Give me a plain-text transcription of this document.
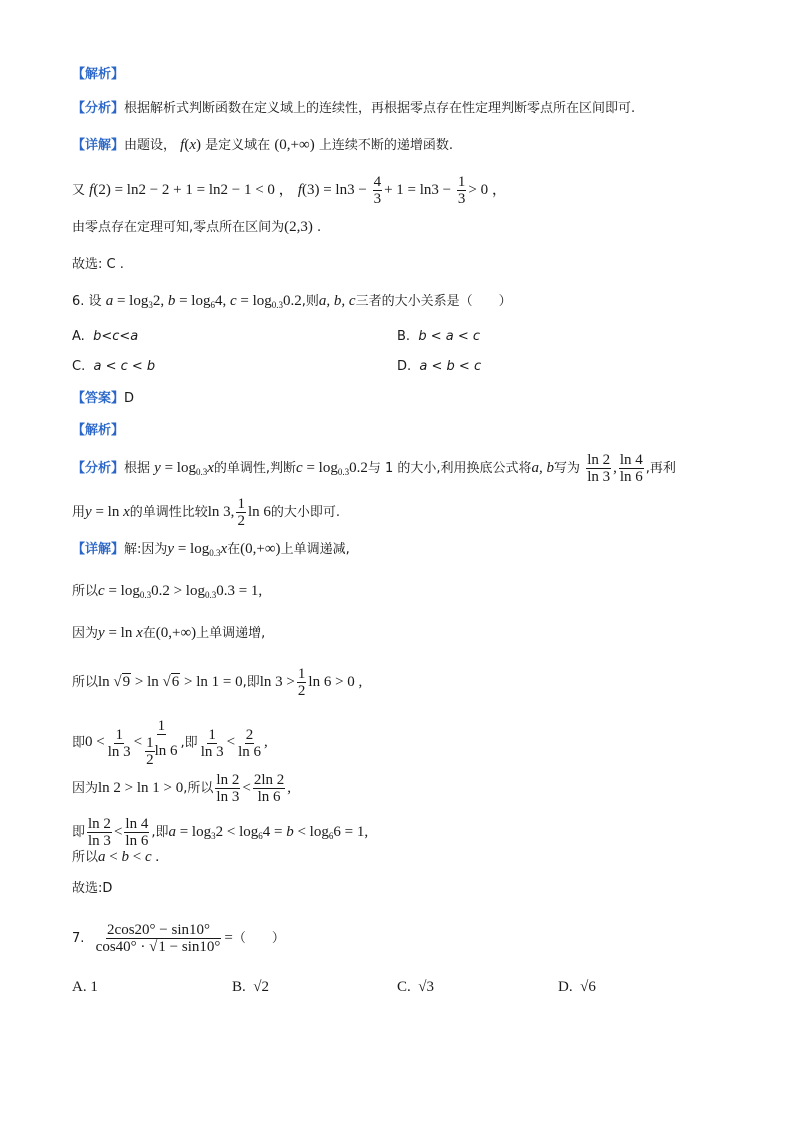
【解析】
【分析】根据解析式判断函数在定义域上的连续性，再根据零点存在性定理判断零点所在区间即可.
【详解】由题设， f(x) 是定义域在 (0,+∞) 上连续不断的递增函数.
又 f(2) = ln2 − 2 + 1 = ln2 − 1 < 0 ， $f(3) = \ln 3 - \frac{4}{3} + 1 = \ln 3 - \frac{1}{3} > 0$ ，
由零点存在定理可知,零点所在区间为(2,3) .
故选: C .
6. 设 $a = \log_32$, $b = \log_64$, $c = \log_{0.3}0.2$,则a, b, c三者的大小关系是（　　）
A. b<c<a	B. b < a < c
C. a < c < b	D. a < b < c
【答案】D
【解析】
【分析】根据 $y = \log_{0.3}x$的单调性,判断$c = \log_{0.3}0.2$与 1 的大小,利用换底公式将a, b写为 $\frac{\ln 2}{\ln 3}$ , $\frac{\ln 4}{\ln 6}$ ,再利
用y = ln x的单调性比较ln 3, $\frac{1}{2}$ ln 6的大小即可.
【详解】解:因为$y = \log_{0.3}x$在(0,+∞)上单调递减,
所以$c = \log_{0.3}0.2 > \log_{0.3}0.3 = 1$,
因为y = ln x在(0,+∞)上单调递增,
所以ln √9 > ln √6 > ln 1 = 0,即$\ln 3 > \frac{1}{2}$ ln 6 > 0 ,
即$0 < \frac{1}{\ln 3} < \frac{1}{\frac{1}{2} \ln 6}$ ,即 $\frac{1}{\ln 3} < \frac{2}{\ln 6}$ ,
因为ln 2 > ln 1 > 0,所以 $\frac{\ln 2}{\ln 3} < \frac{2\ln 2}{\ln 6}$ ,
即 $\frac{\ln 2}{\ln 3} < \frac{\ln 4}{\ln 6}$ ,即$a = \log_32 < \log_64 = b < \log_66 = 1$,
所以a < b < c .
故选:D
7. $\frac{2\cos 20^\circ - \sin 10^\circ}{\cos 40^\circ \cdot √1 - \sin 10^\circ}$ =（　　）
A. 1	B. √2	C. √3	D. √6
